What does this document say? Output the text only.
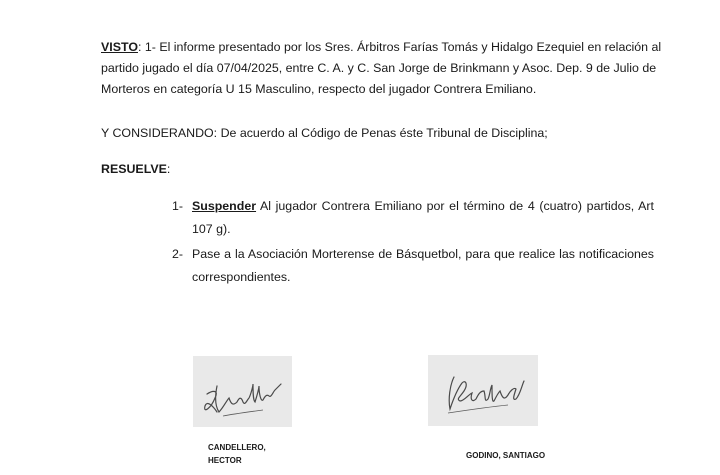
VISTO: 1- El informe presentado por los Sres. Árbitros Farías Tomás y Hidalgo Ezequiel en relación al
partido jugado el día 07/04/2025, entre C. A. y C. San Jorge de Brinkmann y Asoc. Dep. 9 de Julio de
Morteros en categoría U 15 Masculino, respecto del jugador Contrera Emiliano.
Y CONSIDERANDO: De acuerdo al Código de Penas éste Tribunal de Disciplina;
RESUELVE:
1- Suspender Al jugador Contrera Emiliano por el término de 4 (cuatro) partidos, Art
107 g).
2- Pase a la Asociación Morterense de Básquetbol, para que realice las notificaciones
correspondientes.
CANDELLERO,
HECTOR
GODINO, SANTIAGO
